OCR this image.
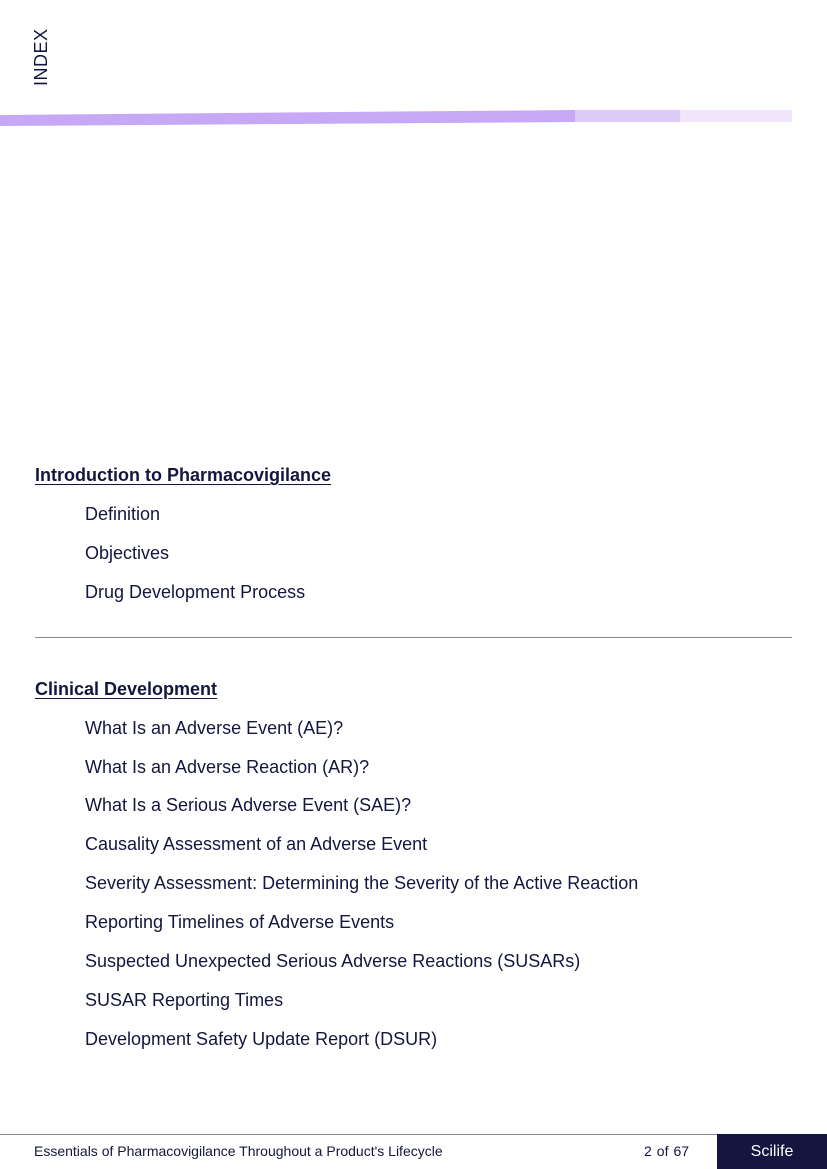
INDEX
Introduction to Pharmacovigilance
Definition
Objectives
Drug Development Process
Clinical Development
What Is an Adverse Event (AE)?
What Is an Adverse Reaction (AR)?
What Is a Serious Adverse Event (SAE)?
Causality Assessment of an Adverse Event
Severity Assessment: Determining the Severity of the Active Reaction
Reporting Timelines of Adverse Events
Suspected Unexpected Serious Adverse Reactions (SUSARs)
SUSAR Reporting Times
Development Safety Update Report (DSUR)
Essentials of Pharmacovigilance Throughout a Product's Lifecycle	2 of 67	Scilife
